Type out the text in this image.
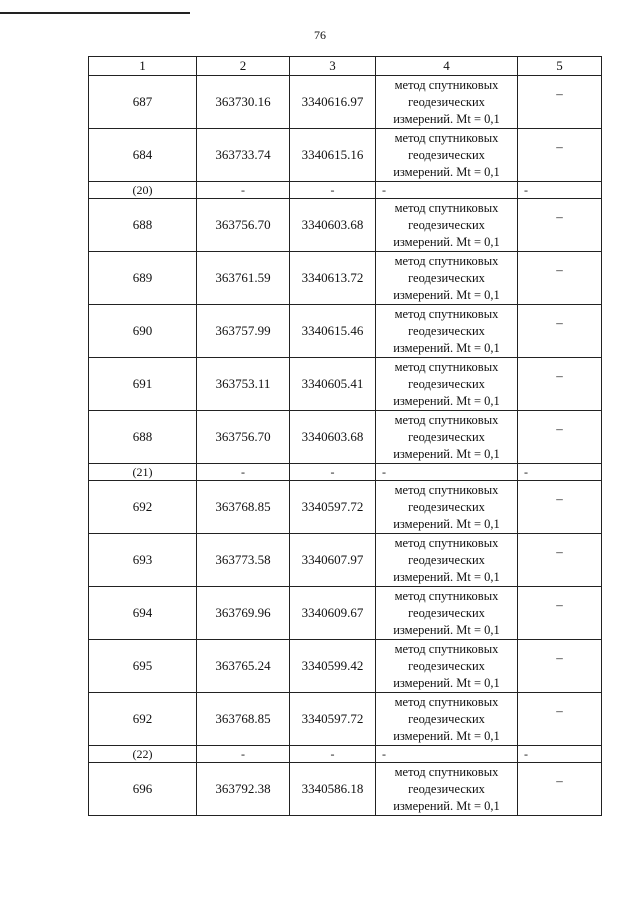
76
1	2	3	4	5
687	363730.16	3340616.97	метод спутниковых
геодезических
измерений. Mt = 0,1	–
684	363733.74	3340615.16	метод спутниковых
геодезических
измерений. Mt = 0,1	–
(20)	-	-	-	-
688	363756.70	3340603.68	метод спутниковых
геодезических
измерений. Mt = 0,1	–
689	363761.59	3340613.72	метод спутниковых
геодезических
измерений. Mt = 0,1	–
690	363757.99	3340615.46	метод спутниковых
геодезических
измерений. Mt = 0,1	–
691	363753.11	3340605.41	метод спутниковых
геодезических
измерений. Mt = 0,1	–
688	363756.70	3340603.68	метод спутниковых
геодезических
измерений. Mt = 0,1	–
(21)	-	-	-	-
692	363768.85	3340597.72	метод спутниковых
геодезических
измерений. Mt = 0,1	–
693	363773.58	3340607.97	метод спутниковых
геодезических
измерений. Mt = 0,1	–
694	363769.96	3340609.67	метод спутниковых
геодезических
измерений. Mt = 0,1	–
695	363765.24	3340599.42	метод спутниковых
геодезических
измерений. Mt = 0,1	–
692	363768.85	3340597.72	метод спутниковых
геодезических
измерений. Mt = 0,1	–
(22)	-	-	-	-
696	363792.38	3340586.18	метод спутниковых
геодезических
измерений. Mt = 0,1	–
